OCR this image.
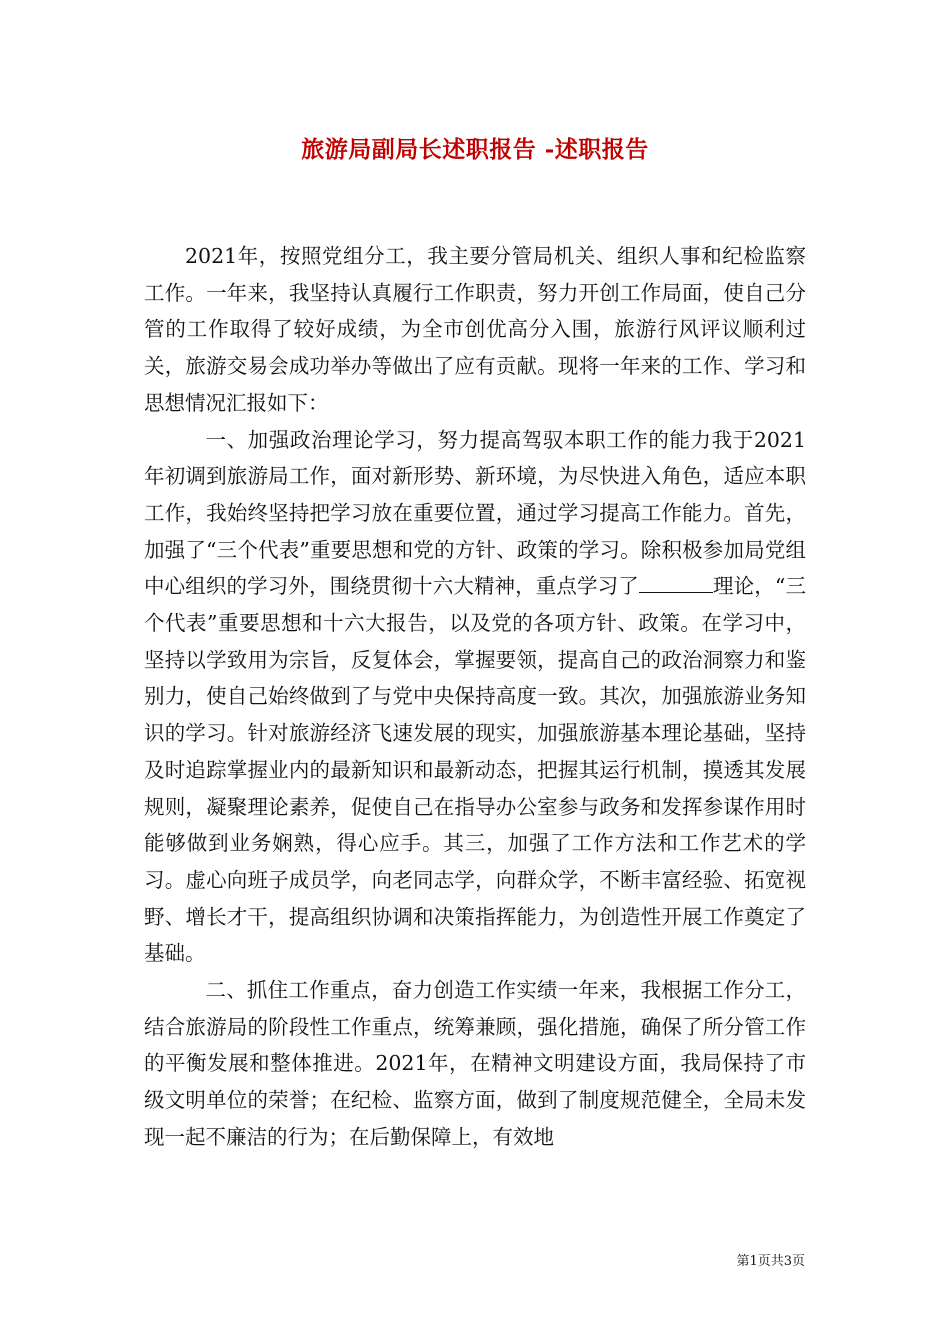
旅游局副局长述职报告 -述职报告

2021年，按照党组分工，我主要分管局机关、组织人事和纪检监察工作。一年来，我坚持认真履行工作职责，努力开创工作局面，使自己分管的工作取得了较好成绩，为全市创优高分入围，旅游行风评议顺利过关，旅游交易会成功举办等做出了应有贡献。现将一年来的工作、学习和思想情况汇报如下：

一、加强政治理论学习，努力提高驾驭本职工作的能力我于2021年初调到旅游局工作，面对新形势、新环境，为尽快进入角色，适应本职工作，我始终坚持把学习放在重要位置，通过学习提高工作能力。首先，加强了“三个代表”重要思想和党的方针、政策的学习。除积极参加局党组中心组织的学习外，围绕贯彻十六大精神，重点学习了	理论，“三个代表”重要思想和十六大报告，以及党的各项方针、政策。在学习中，坚持以学致用为宗旨，反复体会，掌握要领，提高自己的政治洞察力和鉴别力，使自己始终做到了与党中央保持高度一致。其次，加强旅游业务知识的学习。针对旅游经济飞速发展的现实，加强旅游基本理论基础，坚持及时追踪掌握业内的最新知识和最新动态，把握其运行机制，摸透其发展规则，凝聚理论素养，促使自己在指导办公室参与政务和发挥参谋作用时能够做到业务娴熟，得心应手。其三，加强了工作方法和工作艺术的学习。虚心向班子成员学，向老同志学，向群众学，不断丰富经验、拓宽视野、增长才干，提高组织协调和决策指挥能力，为创造性开展工作奠定了基础。

二、抓住工作重点，奋力创造工作实绩一年来，我根据工作分工，结合旅游局的阶段性工作重点，统筹兼顾，强化措施，确保了所分管工作的平衡发展和整体推进。2021年，在精神文明建设方面，我局保持了市级文明单位的荣誉；在纪检、监察方面，做到了制度规范健全，全局未发现一起不廉洁的行为；在后勤保障上，有效地

第1页共3页
